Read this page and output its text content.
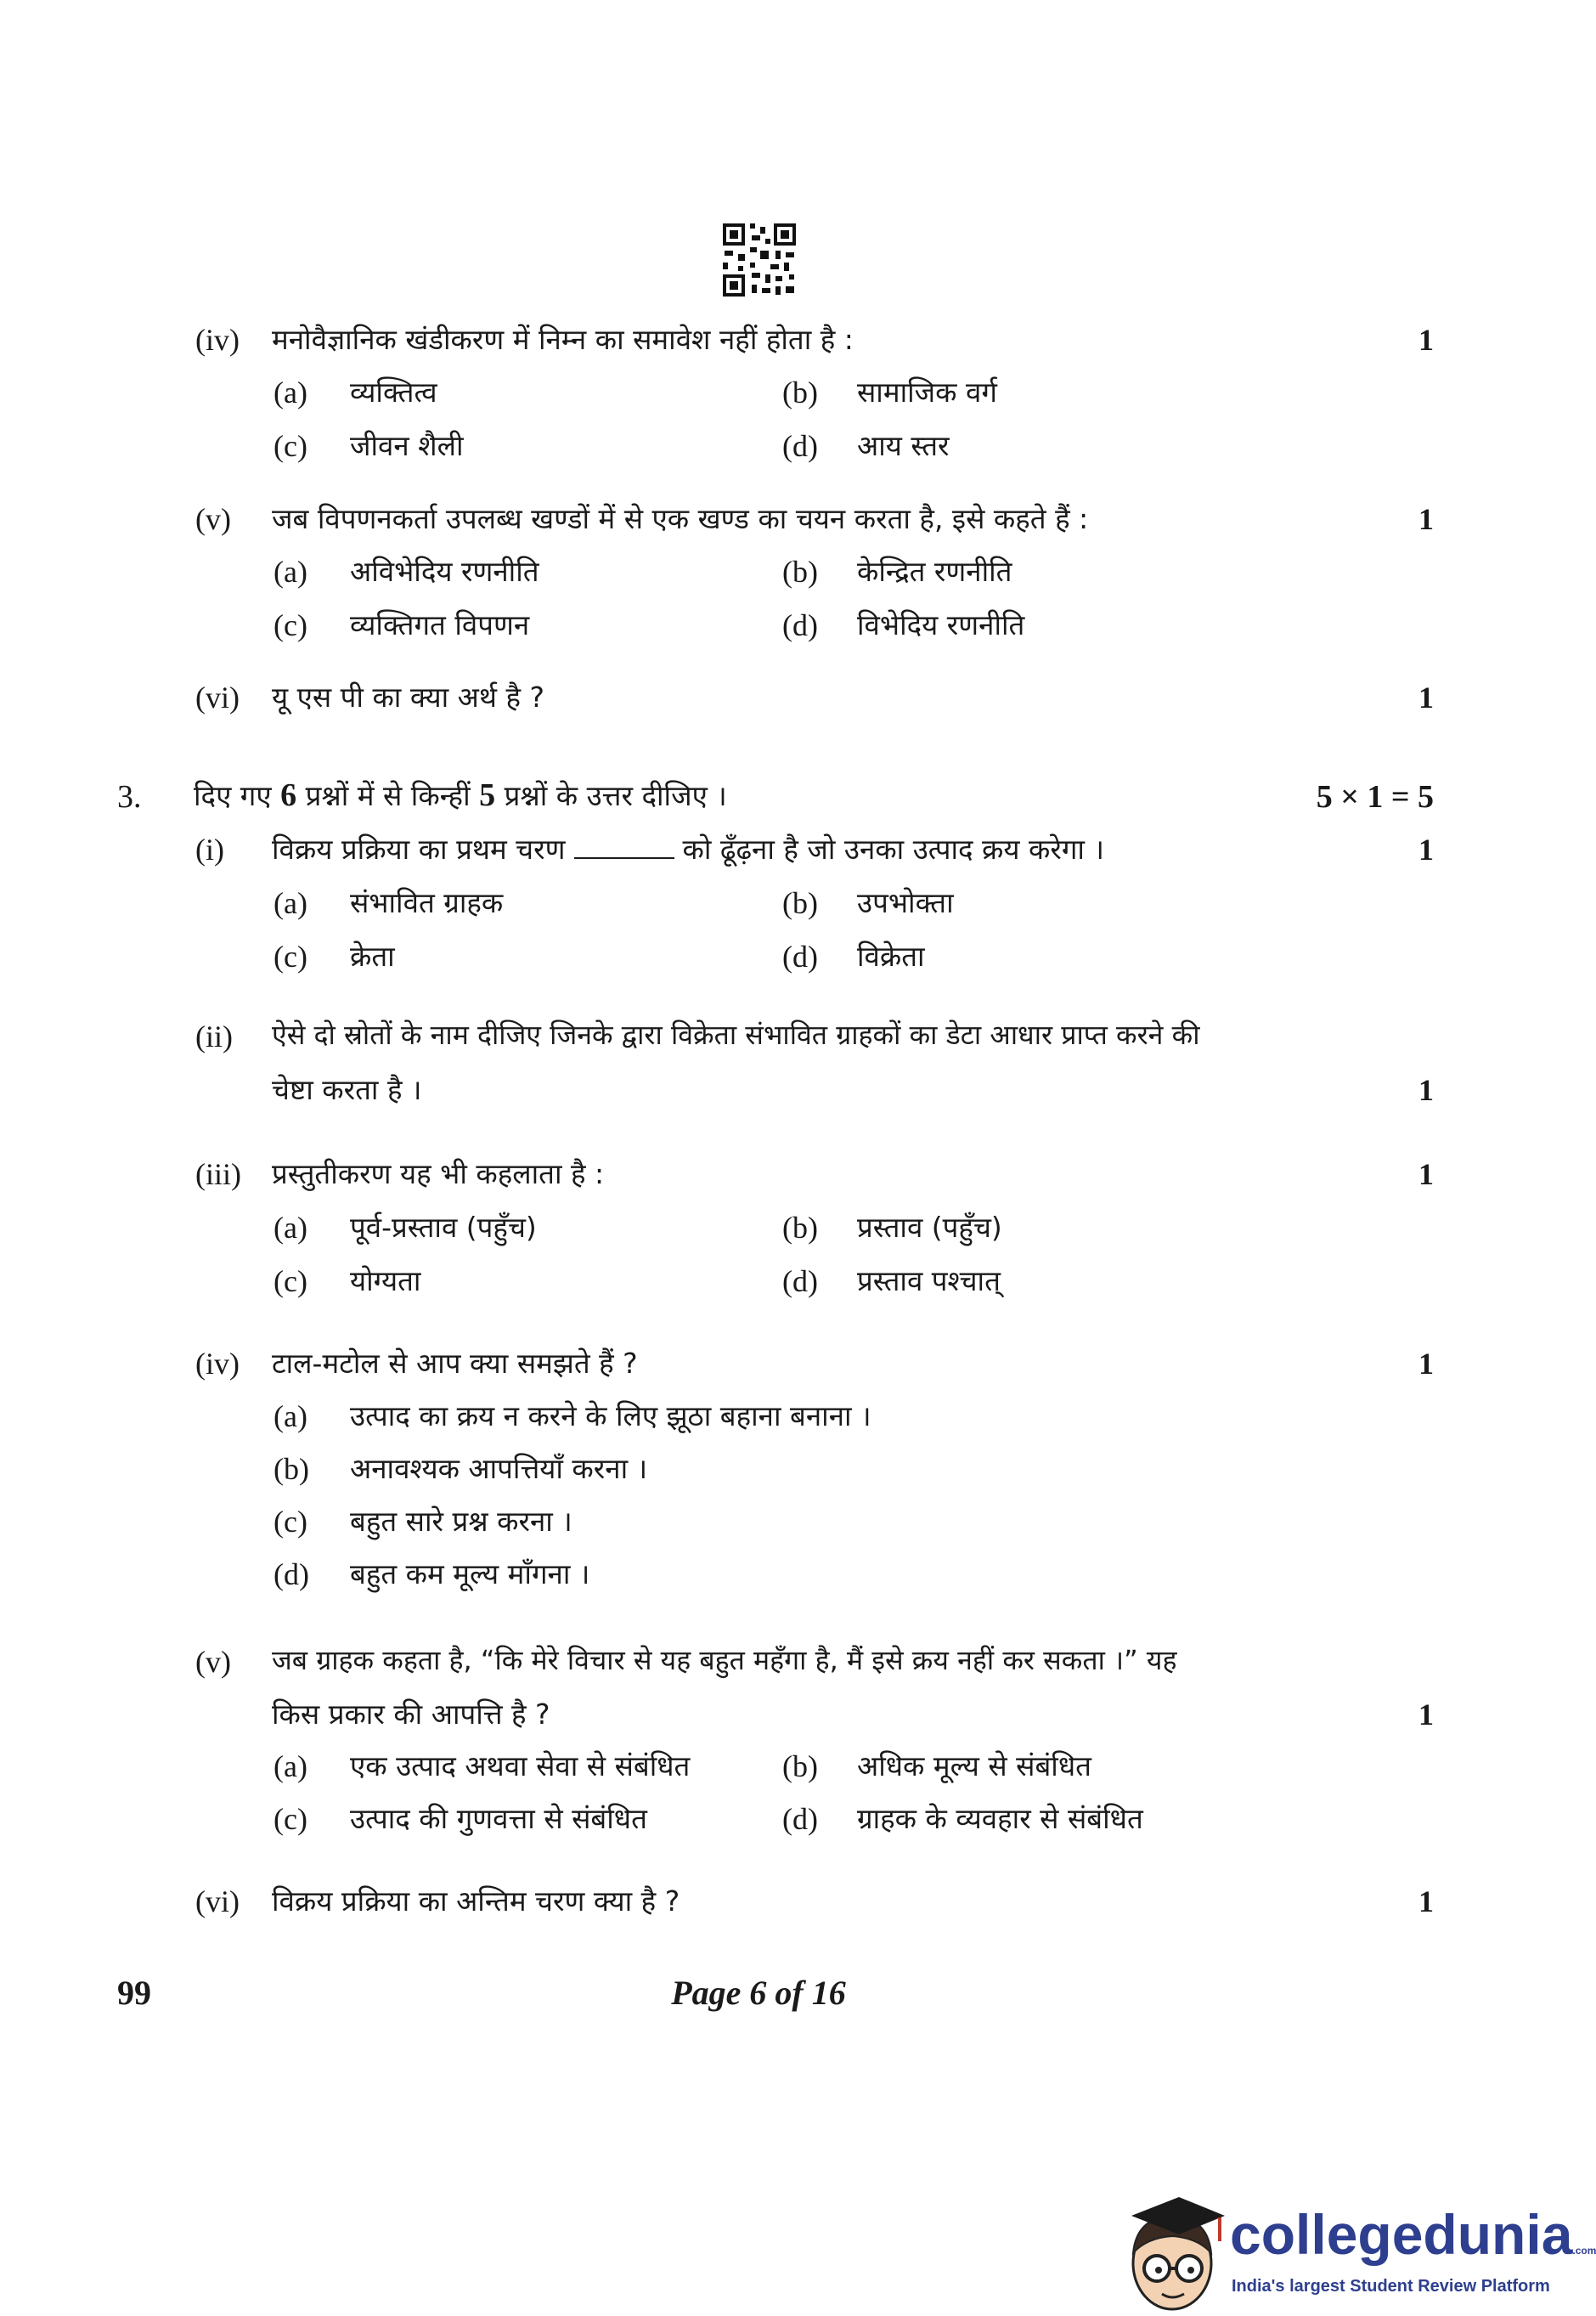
(iv) मनोवैज्ञानिक खंडीकरण में निम्न का समावेश नहीं होता है :	1
(a) व्यक्तित्व	(b) सामाजिक वर्ग
(c) जीवन शैली	(d) आय स्तर
(v) जब विपणनकर्ता उपलब्ध खण्डों में से एक खण्ड का चयन करता है, इसे कहते हैं :	1
(a) अविभेदिय रणनीति	(b) केन्द्रित रणनीति
(c) व्यक्तिगत विपणन	(d) विभेदिय रणनीति
(vi) यू एस पी का क्या अर्थ है ?	1
3. दिए गए 6 प्रश्नों में से किन्हीं 5 प्रश्नों के उत्तर दीजिए ।	5 × 1 = 5
(i) विक्रय प्रक्रिया का प्रथम चरण	को ढूँढ़ना है जो उनका उत्पाद क्रय करेगा ।	1
(a) संभावित ग्राहक	(b) उपभोक्ता
(c) क्रेता	(d) विक्रेता
(ii) ऐसे दो स्रोतों के नाम दीजिए जिनके द्वारा विक्रेता संभावित ग्राहकों का डेटा आधार प्राप्त करने की
चेष्टा करता है ।	1
(iii) प्रस्तुतीकरण यह भी कहलाता है :	1
(a) पूर्व-प्रस्ताव (पहुँच)	(b) प्रस्ताव (पहुँच)
(c) योग्यता	(d) प्रस्ताव पश्चात्
(iv) टाल-मटोल से आप क्या समझते हैं ?	1
(a) उत्पाद का क्रय न करने के लिए झूठा बहाना बनाना ।
(b) अनावश्यक आपत्तियाँ करना ।
(c) बहुत सारे प्रश्न करना ।
(d) बहुत कम मूल्य माँगना ।
(v) जब ग्राहक कहता है, “कि मेरे विचार से यह बहुत महँगा है, मैं इसे क्रय नहीं कर सकता ।” यह
किस प्रकार की आपत्ति है ?	1
(a) एक उत्पाद अथवा सेवा से संबंधित	(b) अधिक मूल्य से संबंधित
(c) उत्पाद की गुणवत्ता से संबंधित	(d) ग्राहक के व्यवहार से संबंधित
(vi) विक्रय प्रक्रिया का अन्तिम चरण क्या है ?	1
99	Page 6 of 16
collegedunia.com
India's largest Student Review Platform
